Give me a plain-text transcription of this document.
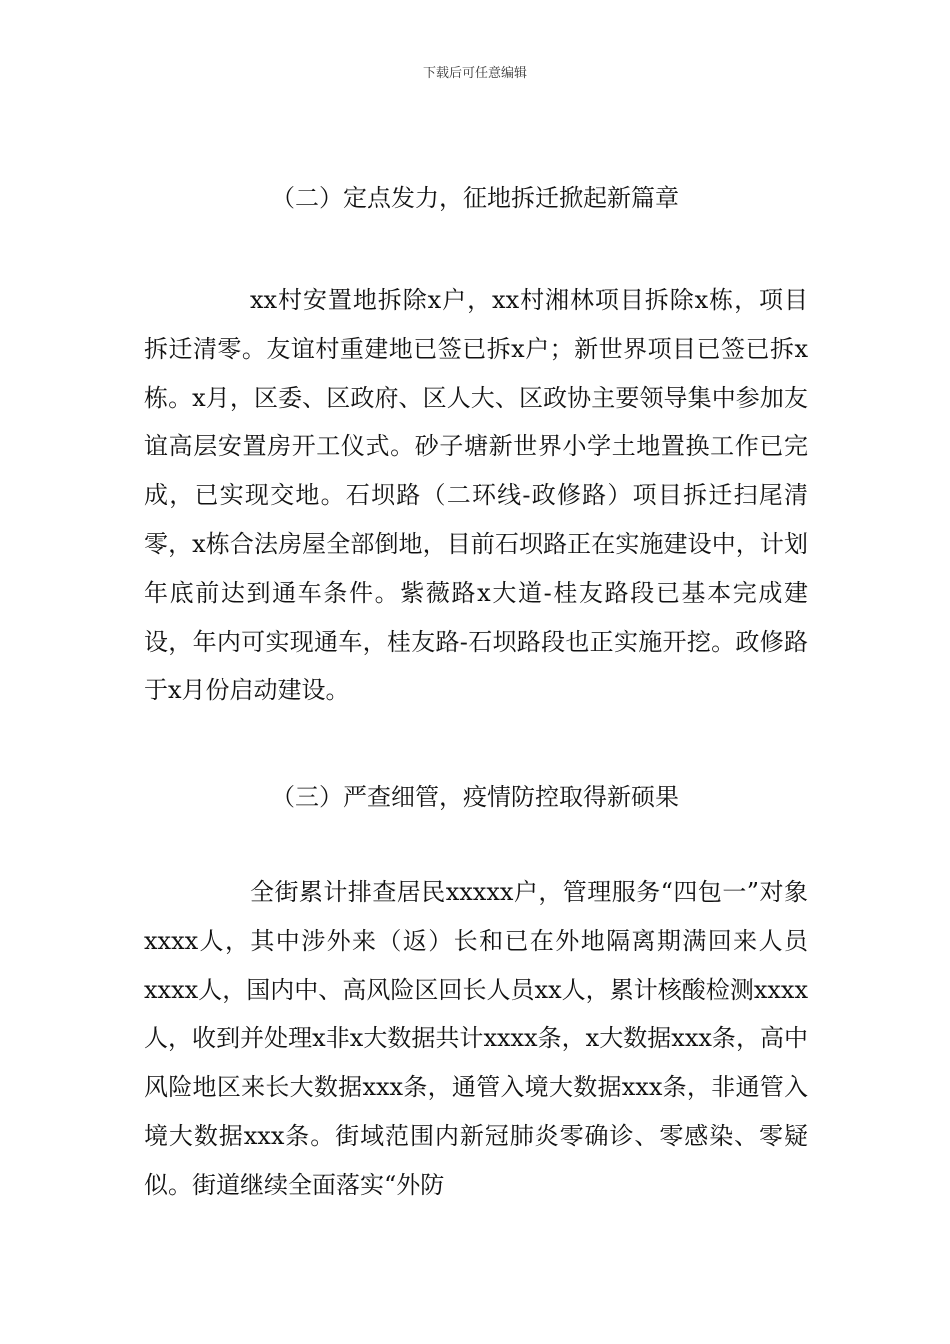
下载后可任意编辑
（二）定点发力，征地拆迁掀起新篇章

xx村安置地拆除x户，xx村湘林项目拆除x栋，项目拆迁清零。友谊村重建地已签已拆x户；新世界项目已签已拆x栋。x月，区委、区政府、区人大、区政协主要领导集中参加友谊高层安置房开工仪式。砂子塘新世界小学土地置换工作已完成，已实现交地。石坝路（二环线-政修路）项目拆迁扫尾清零，x栋合法房屋全部倒地，目前石坝路正在实施建设中，计划年底前达到通车条件。紫薇路x大道-桂友路段已基本完成建设，年内可实现通车，桂友路-石坝路段也正实施开挖。政修路于x月份启动建设。

（三）严查细管，疫情防控取得新硕果

全街累计排查居民xxxxx户，管理服务“四包一”对象xxxx人，其中涉外来（返）长和已在外地隔离期满回来人员xxxx人，国内中、高风险区回长人员xx人，累计核酸检测xxxx人，收到并处理x非x大数据共计xxxx条，x大数据xxx条，高中风险地区来长大数据xxx条，通管入境大数据xxx条，非通管入境大数据xxx条。街域范围内新冠肺炎零确诊、零感染、零疑似。街道继续全面落实“外防
